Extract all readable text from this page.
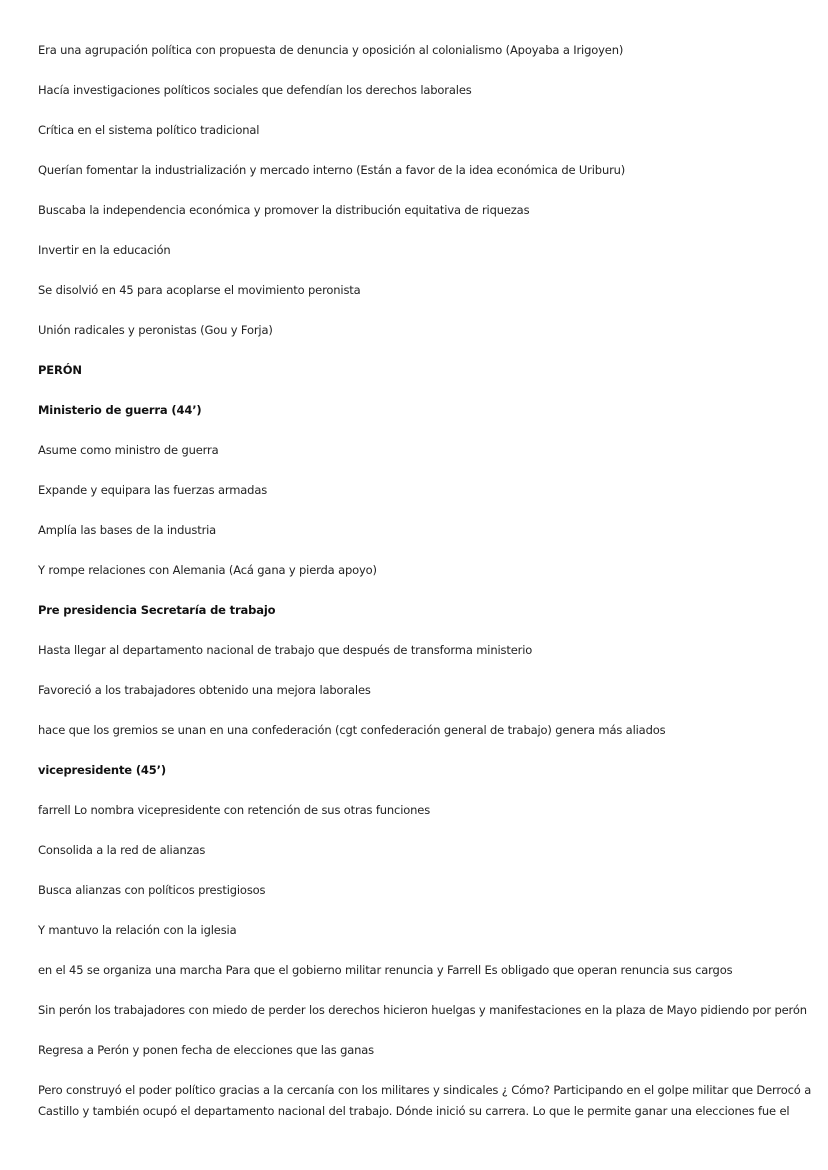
Era una agrupación política con propuesta de denuncia y oposición al colonialismo (Apoyaba a Irigoyen)
Hacía investigaciones políticos sociales que defendían los derechos laborales
Crítica en el sistema político tradicional
Querían fomentar la industrialización y mercado interno (Están a favor de la idea económica de Uriburu)
Buscaba la independencia económica y promover la distribución equitativa de riquezas
Invertir en la educación
Se disolvió en 45 para acoplarse el movimiento peronista
Unión radicales y peronistas (Gou y Forja)
PERÓN
Ministerio de guerra (44’)
Asume como ministro de guerra
Expande y equipara las fuerzas armadas
Amplía las bases de la industria
Y rompe relaciones con Alemania (Acá gana y pierda apoyo)
Pre presidencia Secretaría de trabajo
Hasta llegar al departamento nacional de trabajo que después de transforma ministerio
Favoreció a los trabajadores obtenido una mejora laborales
hace que los gremios se unan en una confederación (cgt confederación general de trabajo) genera más aliados
vicepresidente (45’)
farrell Lo nombra vicepresidente con retención de sus otras funciones
Consolida a la red de alianzas
Busca alianzas con políticos prestigiosos
Y mantuvo la relación con la iglesia
en el 45 se organiza una marcha Para que el gobierno militar renuncia y Farrell Es obligado que operan renuncia sus cargos
Sin perón los trabajadores con miedo de perder los derechos hicieron huelgas y manifestaciones en la plaza de Mayo pidiendo por perón
Regresa a Perón y ponen fecha de elecciones que las ganas
Pero construyó el poder político gracias a la cercanía con los militares y sindicales ¿ Cómo? Participando en el golpe militar que Derrocó a
Castillo y también ocupó el departamento nacional del trabajo. Dónde inició su carrera. Lo que le permite ganar una elecciones fue el
